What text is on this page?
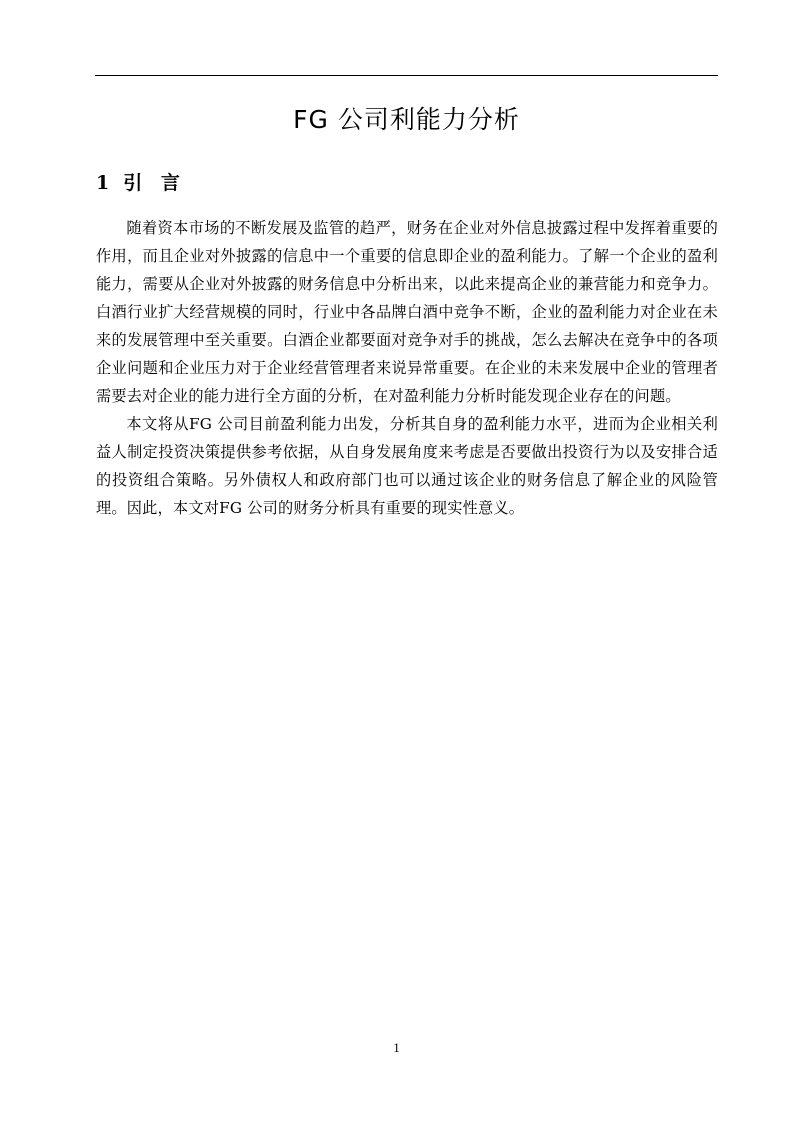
FG 公司利能力分析
1 引 言

随着资本市场的不断发展及监管的趋严，财务在企业对外信息披露过程中发挥着重要的作用，而且企业对外披露的信息中一个重要的信息即企业的盈利能力。了解一个企业的盈利能力，需要从企业对外披露的财务信息中分析出来，以此来提高企业的兼营能力和竞争力。白酒行业扩大经营规模的同时，行业中各品牌白酒中竞争不断，企业的盈利能力对企业在未来的发展管理中至关重要。白酒企业都要面对竞争对手的挑战，怎么去解决在竞争中的各项企业问题和企业压力对于企业经营管理者来说异常重要。在企业的未来发展中企业的管理者需要去对企业的能力进行全方面的分析，在对盈利能力分析时能发现企业存在的问题。

本文将从FG 公司目前盈利能力出发，分析其自身的盈利能力水平，进而为企业相关利益人制定投资决策提供参考依据，从自身发展角度来考虑是否要做出投资行为以及安排合适的投资组合策略。另外债权人和政府部门也可以通过该企业的财务信息了解企业的风险管理。因此，本文对FG 公司的财务分析具有重要的现实性意义。

1
